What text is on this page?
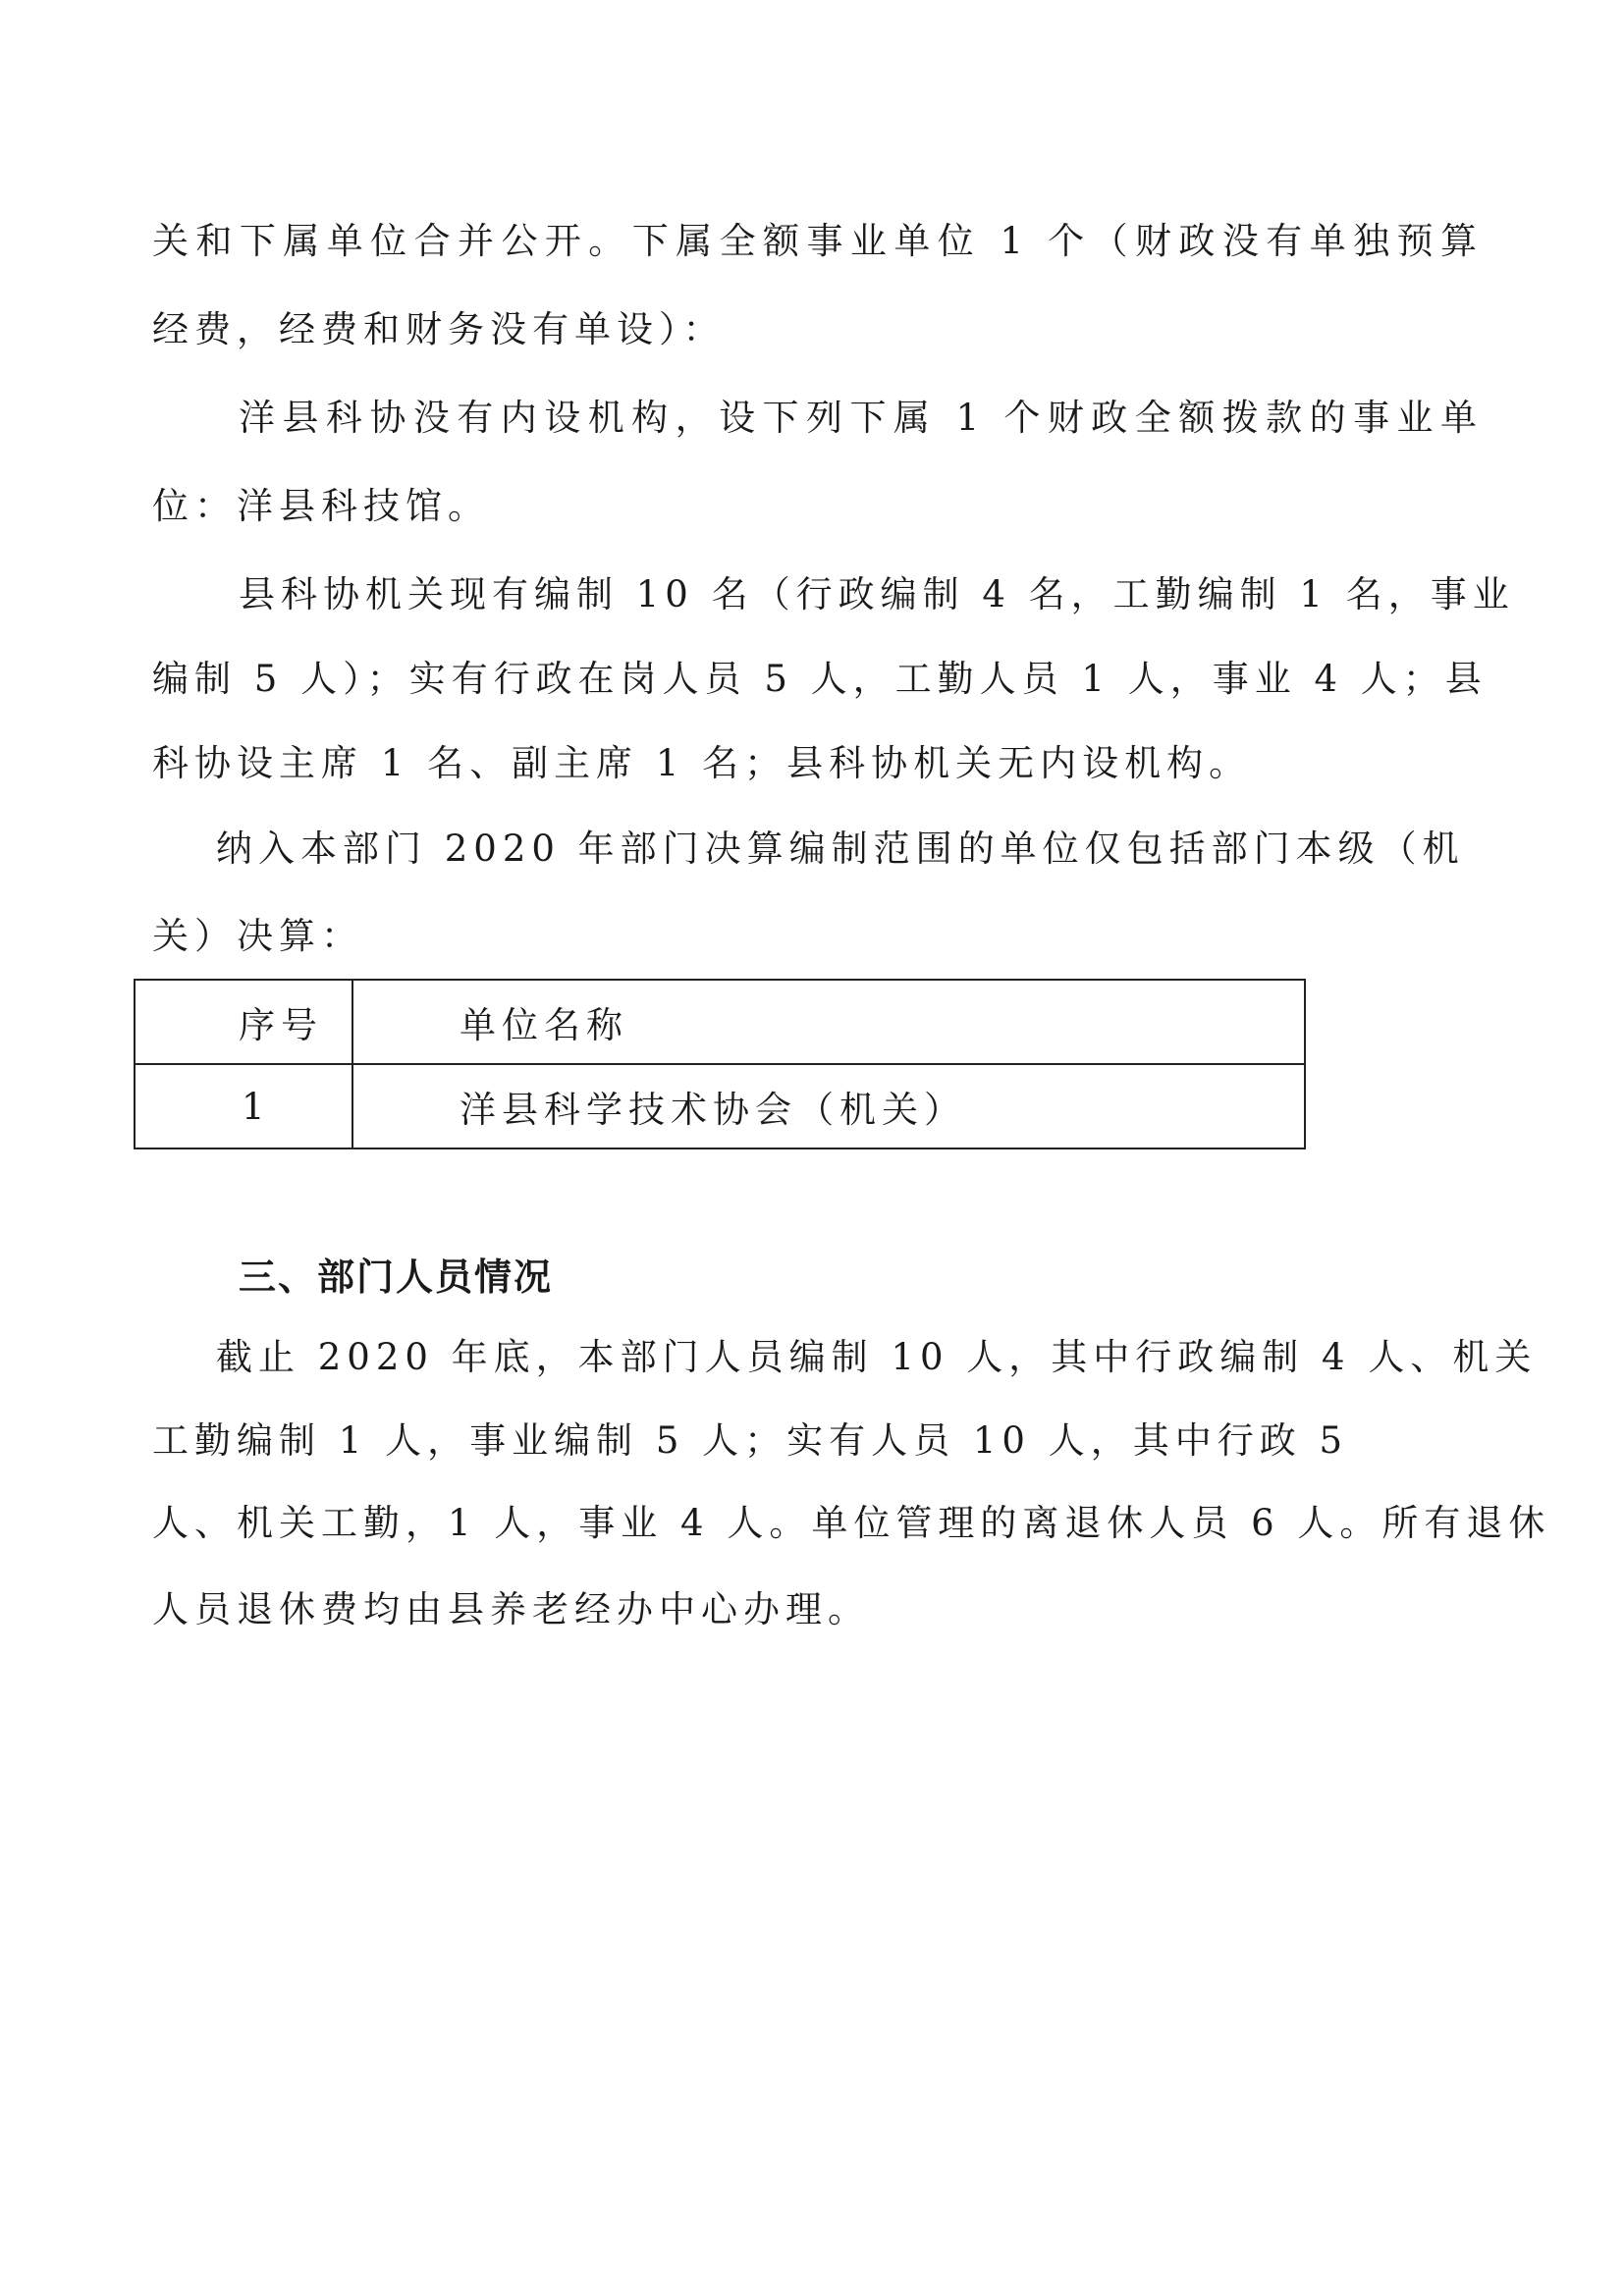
关和下属单位合并公开。下属全额事业单位 1 个（财政没有单独预算
经费，经费和财务没有单设）：
洋县科协没有内设机构，设下列下属 1 个财政全额拨款的事业单
位：洋县科技馆。
县科协机关现有编制 10 名（行政编制 4 名，工勤编制 1 名，事业
编制 5 人）；实有行政在岗人员 5 人，工勤人员 1 人，事业 4 人；县
科协设主席 1 名、副主席 1 名；县科协机关无内设机构。
纳入本部门 2020 年部门决算编制范围的单位仅包括部门本级（机
关）决算：
序号	单位名称
1	洋县科学技术协会（机关）
三、部门人员情况
截止 2020 年底，本部门人员编制 10 人，其中行政编制 4 人、机关
工勤编制 1 人，事业编制 5 人；实有人员 10 人，其中行政 5
人、机关工勤，1 人，事业 4 人。单位管理的离退休人员 6 人。所有退休
人员退休费均由县养老经办中心办理。
